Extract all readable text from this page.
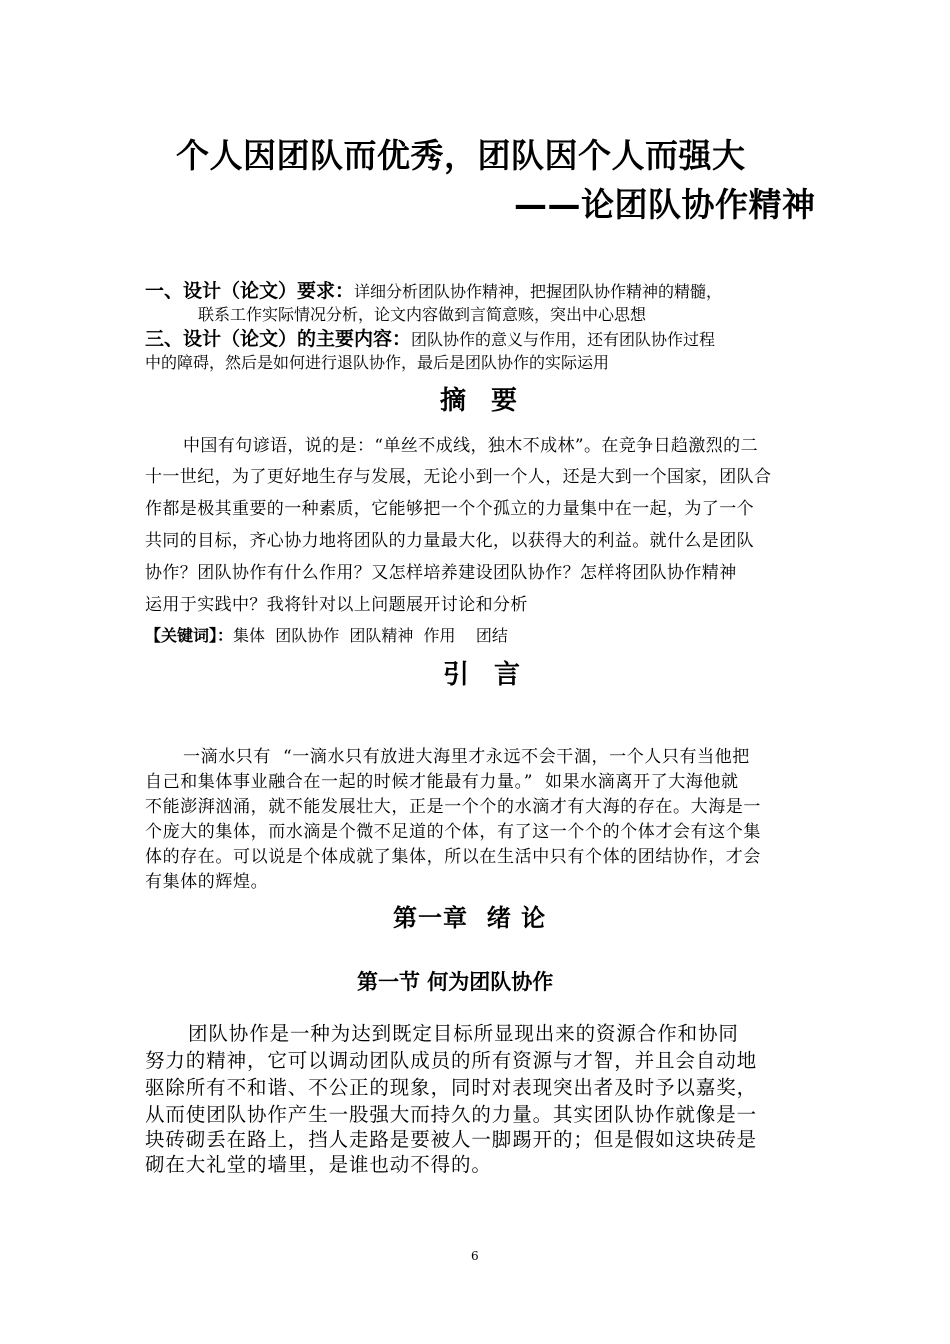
个人因团队而优秀，团队因个人而强大
——论团队协作精神
一、设计（论文）要求：详细分析团队协作精神，把握团队协作精神的精髓，
联系工作实际情况分析，论文内容做到言简意赅，突出中心思想
三、设计（论文）的主要内容：团队协作的意义与作用，还有团队协作过程
中的障碍，然后是如何进行退队协作，最后是团队协作的实际运用
摘 要
中国有句谚语，说的是：“单丝不成线，独木不成林”。在竞争日趋激烈的二
十一世纪，为了更好地生存与发展，无论小到一个人，还是大到一个国家，团队合
作都是极其重要的一种素质，它能够把一个个孤立的力量集中在一起，为了一个
共同的目标，齐心协力地将团队的力量最大化，以获得大的利益。就什么是团队
协作？团队协作有什么作用？又怎样培养建设团队协作？怎样将团队协作精神
运用于实践中？我将针对以上问题展开讨论和分析
【关键词】：集体  团队协作  团队精神  作用    团结
引 言
一滴水只有  “一滴水只有放进大海里才永远不会干涸，一个人只有当他把
自己和集体事业融合在一起的时候才能最有力量。”  如果水滴离开了大海他就
不能澎湃汹涌，就不能发展壮大，正是一个个的水滴才有大海的存在。大海是一
个庞大的集体，而水滴是个微不足道的个体，有了这一个个的个体才会有这个集
体的存在。可以说是个体成就了集体，所以在生活中只有个体的团结协作，才会
有集体的辉煌。
第一章  绪 论
第一节 何为团队协作
团队协作是一种为达到既定目标所显现出来的资源合作和协同
努力的精神，它可以调动团队成员的所有资源与才智，并且会自动地
驱除所有不和谐、不公正的现象，同时对表现突出者及时予以嘉奖，
从而使团队协作产生一股强大而持久的力量。其实团队协作就像是一
块砖砌丢在路上，挡人走路是要被人一脚踢开的；但是假如这块砖是
砌在大礼堂的墙里，是谁也动不得的。
6
